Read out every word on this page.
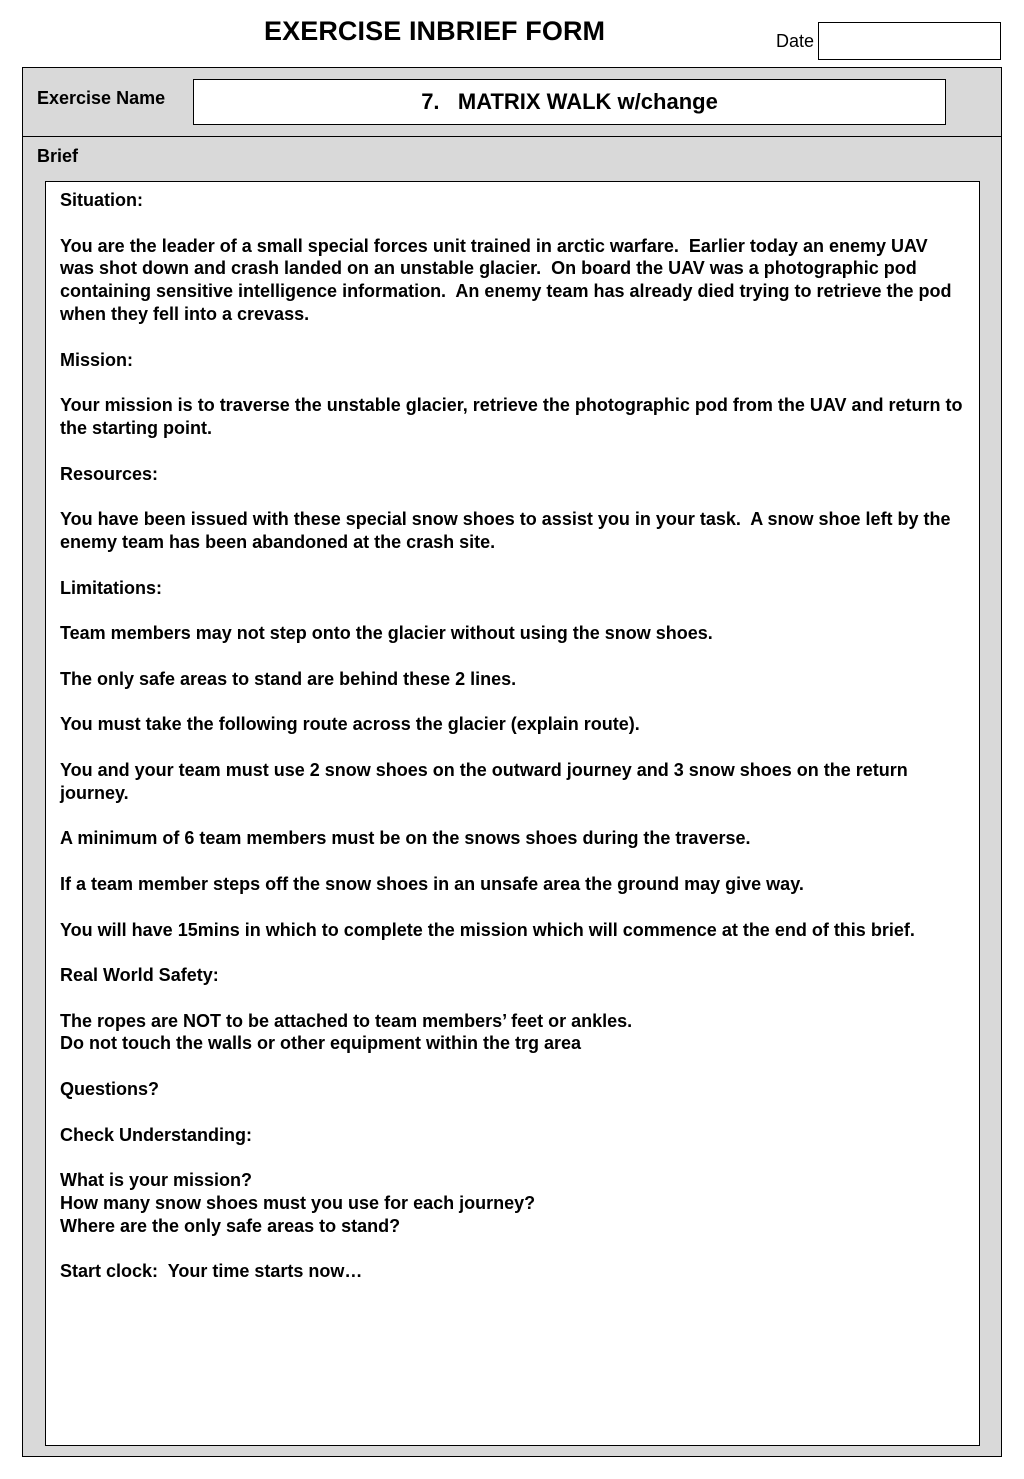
EXERCISE INBRIEF FORM	Date
Exercise Name	7.   MATRIX WALK w/change
Brief

Situation:

You are the leader of a small special forces unit trained in arctic warfare.  Earlier today an enemy UAV was shot down and crash landed on an unstable glacier.  On board the UAV was a photographic pod containing sensitive intelligence information.  An enemy team has already died trying to retrieve the pod when they fell into a crevass.

Mission:

Your mission is to traverse the unstable glacier, retrieve the photographic pod from the UAV and return to the starting point.

Resources:

You have been issued with these special snow shoes to assist you in your task.  A snow shoe left by the enemy team has been abandoned at the crash site.

Limitations:

Team members may not step onto the glacier without using the snow shoes.

The only safe areas to stand are behind these 2 lines.

You must take the following route across the glacier (explain route).

You and your team must use 2 snow shoes on the outward journey and 3 snow shoes on the return journey.

A minimum of 6 team members must be on the snows shoes during the traverse.

If a team member steps off the snow shoes in an unsafe area the ground may give way.

You will have 15mins in which to complete the mission which will commence at the end of this brief.

Real World Safety:

The ropes are NOT to be attached to team members’ feet or ankles.
Do not touch the walls or other equipment within the trg area

Questions?

Check Understanding:

What is your mission?
How many snow shoes must you use for each journey?
Where are the only safe areas to stand?

Start clock:  Your time starts now…
